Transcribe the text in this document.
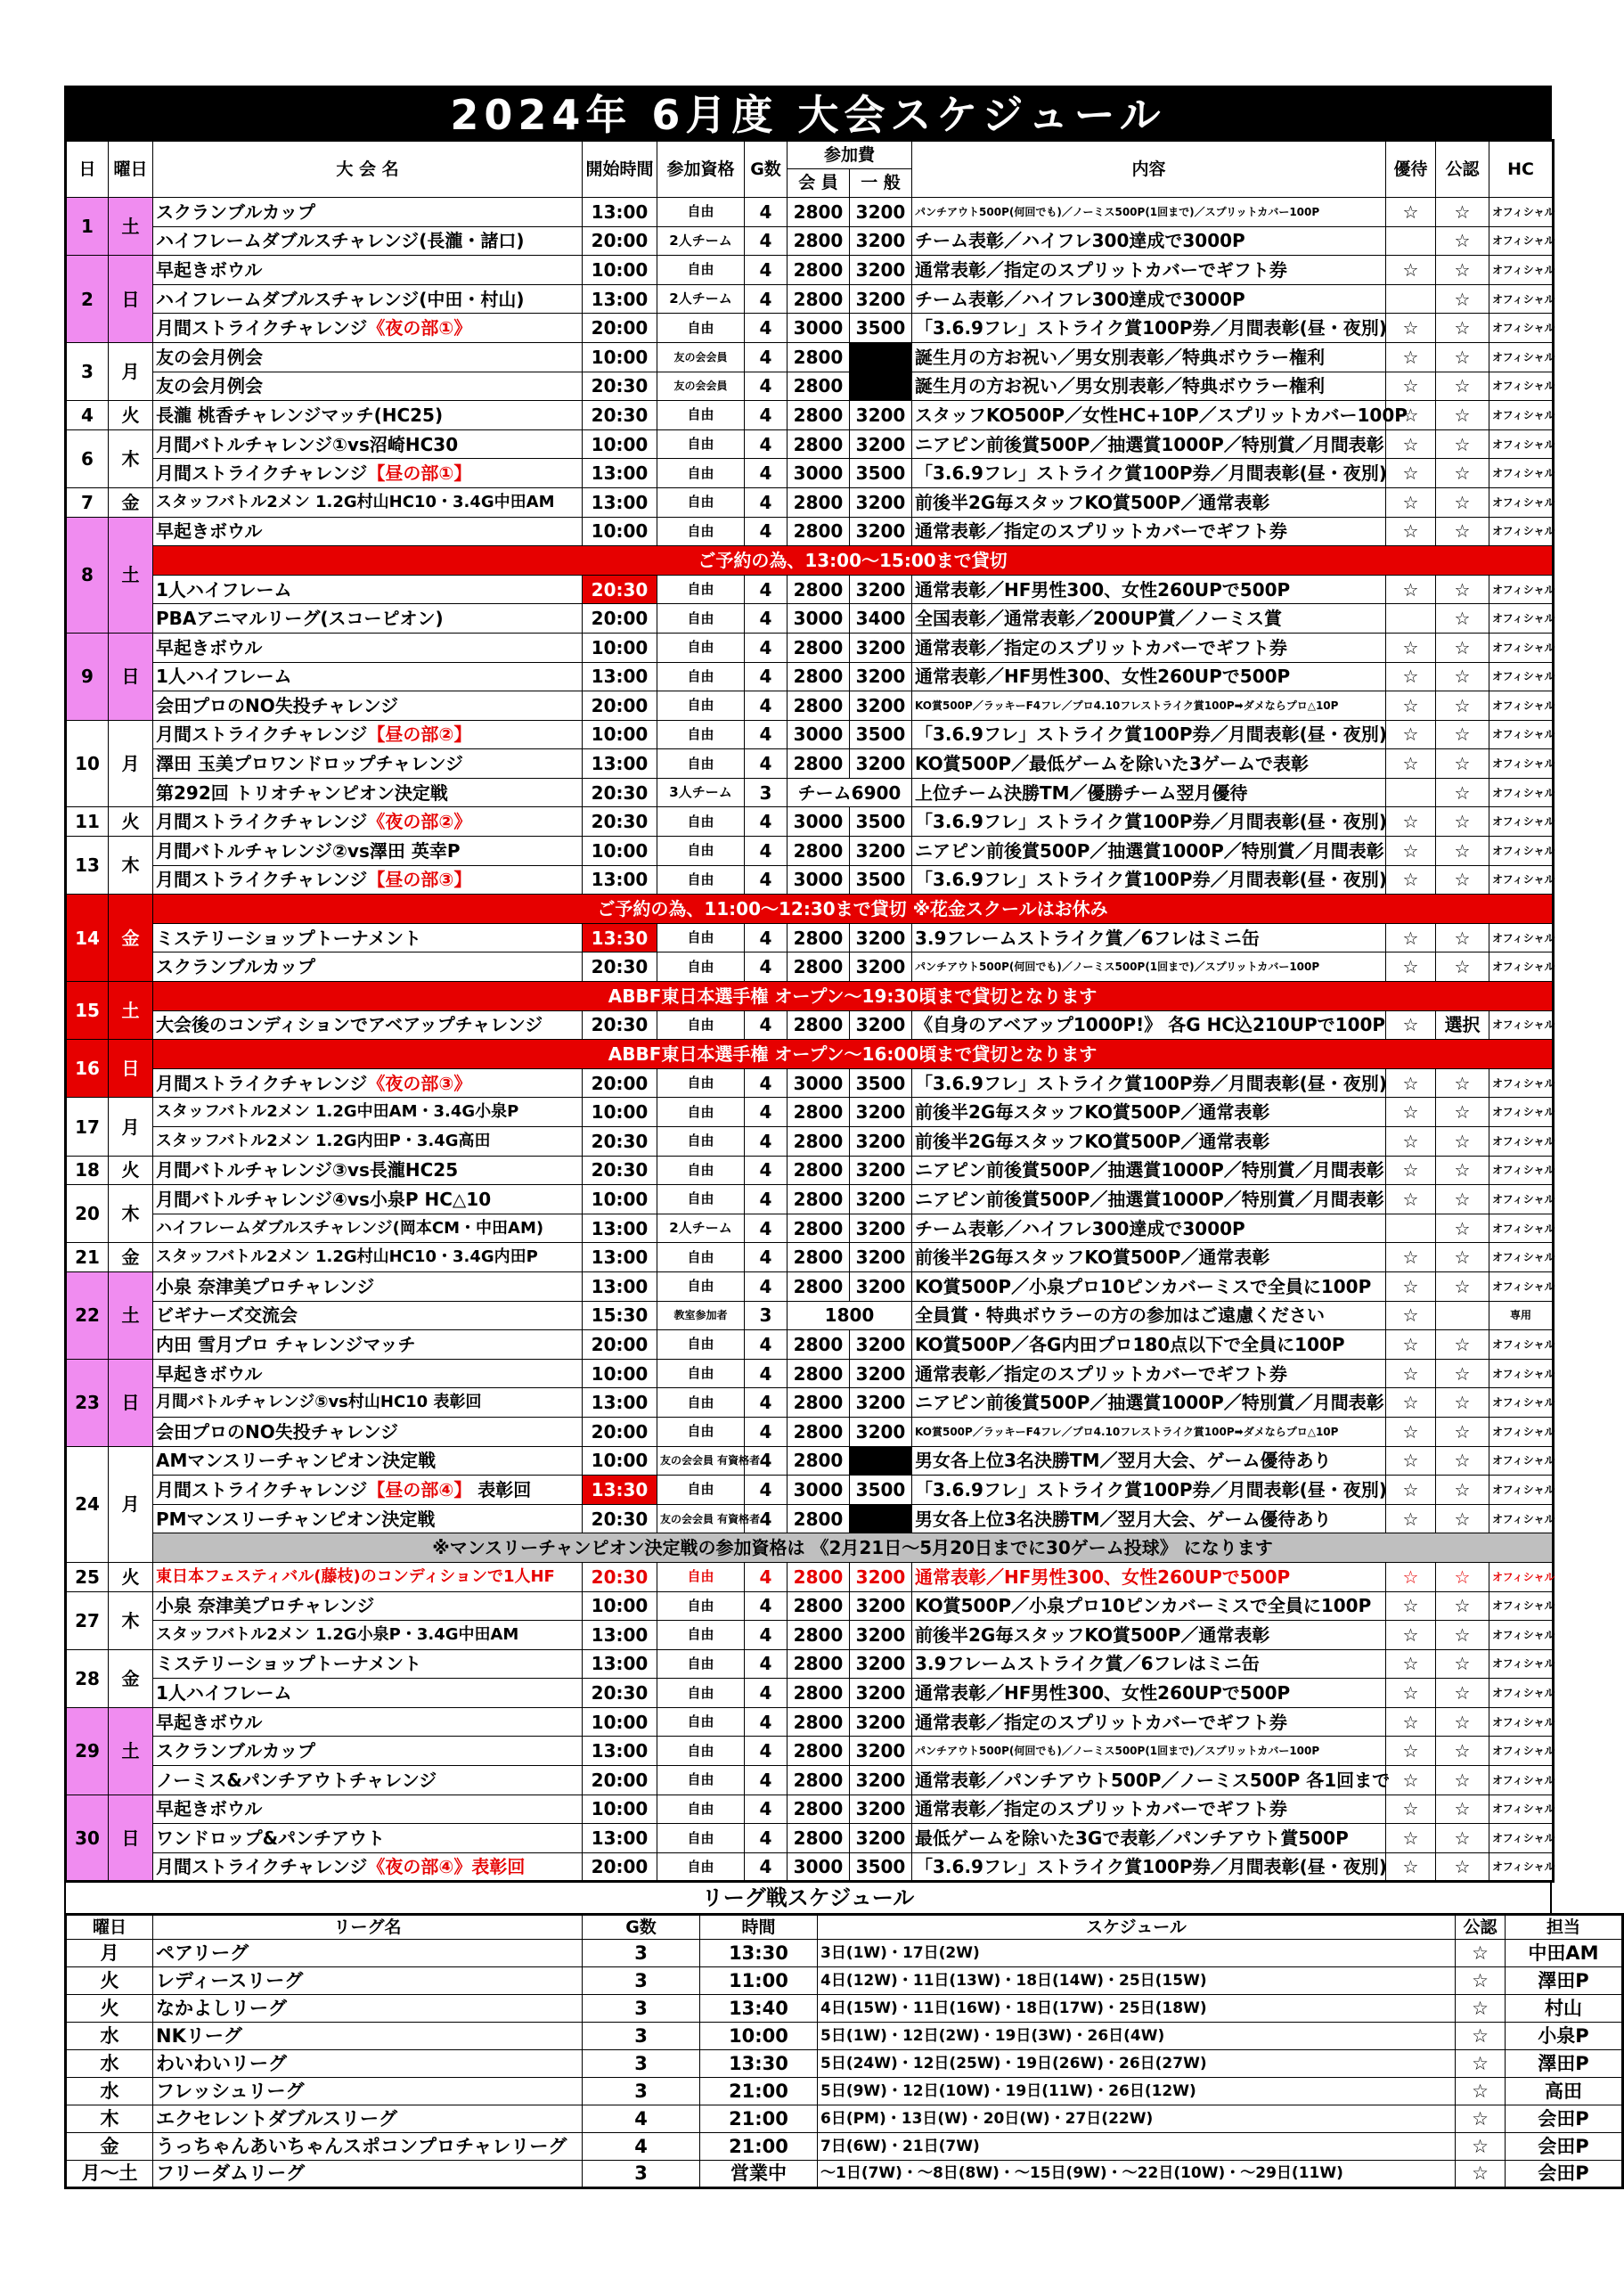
2024年 6月度 大会スケジュール
日	曜日	大 会 名	開始時間	参加資格	G数	参加費		内容	優待	公認	HC
						会 員	一 般				
1	土	スクランブルカップ	13:00	自由	4	2800	3200	パンチアウト500P(何回でも)／ノーミス500P(1回まで)／スプリットカバー100P	☆	☆	オフィシャル
		ハイフレームダブルスチャレンジ(長瀧・諸口)	20:00	2人チーム	4	2800	3200	チーム表彰／ハイフレ300達成で3000P		☆	オフィシャル
2	日	早起きボウル	10:00	自由	4	2800	3200	通常表彰／指定のスプリットカバーでギフト券	☆	☆	オフィシャル
		ハイフレームダブルスチャレンジ(中田・村山)	13:00	2人チーム	4	2800	3200	チーム表彰／ハイフレ300達成で3000P		☆	オフィシャル
		月間ストライクチャレンジ《夜の部①》	20:00	自由	4	3000	3500	「3.6.9フレ」ストライク賞100P券／月間表彰(昼・夜別)	☆	☆	オフィシャル
3	月	友の会月例会	10:00	友の会会員	4	2800		誕生月の方お祝い／男女別表彰／特典ボウラー権利	☆	☆	オフィシャル
		友の会月例会	20:30	友の会会員	4	2800		誕生月の方お祝い／男女別表彰／特典ボウラー権利	☆	☆	オフィシャル
4	火	長瀧 桃香チャレンジマッチ(HC25)	20:30	自由	4	2800	3200	スタッフKO500P／女性HC+10P／スプリットカバー100P	☆	☆	オフィシャル
6	木	月間バトルチャレンジ①vs沼崎HC30	10:00	自由	4	2800	3200	ニアピン前後賞500P／抽選賞1000P／特別賞／月間表彰	☆	☆	オフィシャル
		月間ストライクチャレンジ【昼の部①】	13:00	自由	4	3000	3500	「3.6.9フレ」ストライク賞100P券／月間表彰(昼・夜別)	☆	☆	オフィシャル
7	金	スタッフバトル2メン 1.2G村山HC10・3.4G中田AM	13:00	自由	4	2800	3200	前後半2G毎スタッフKO賞500P／通常表彰	☆	☆	オフィシャル
8	土	早起きボウル	10:00	自由	4	2800	3200	通常表彰／指定のスプリットカバーでギフト券	☆	☆	オフィシャル
		ご予約の為、13:00～15:00まで貸切									
		1人ハイフレーム	20:30	自由	4	2800	3200	通常表彰／HF男性300、女性260UPで500P	☆	☆	オフィシャル
		PBAアニマルリーグ(スコーピオン)	20:00	自由	4	3000	3400	全国表彰／通常表彰／200UP賞／ノーミス賞		☆	オフィシャル
9	日	早起きボウル	10:00	自由	4	2800	3200	通常表彰／指定のスプリットカバーでギフト券	☆	☆	オフィシャル
		1人ハイフレーム	13:00	自由	4	2800	3200	通常表彰／HF男性300、女性260UPで500P	☆	☆	オフィシャル
		会田プロのNO失投チャレンジ	20:00	自由	4	2800	3200	KO賞500P／ラッキーF4フレ／プロ4.10フレストライク賞100P➡ダメならプロ△10P	☆	☆	オフィシャル
10	月	月間ストライクチャレンジ【昼の部②】	10:00	自由	4	3000	3500	「3.6.9フレ」ストライク賞100P券／月間表彰(昼・夜別)	☆	☆	オフィシャル
		澤田 玉美プロワンドロップチャレンジ	13:00	自由	4	2800	3200	KO賞500P／最低ゲームを除いた3ゲームで表彰	☆	☆	オフィシャル
		第292回 トリオチャンピオン決定戦	20:30	3人チーム	3	チーム6900		上位チーム決勝TM／優勝チーム翌月優待		☆	オフィシャル
11	火	月間ストライクチャレンジ《夜の部②》	20:30	自由	4	3000	3500	「3.6.9フレ」ストライク賞100P券／月間表彰(昼・夜別)	☆	☆	オフィシャル
13	木	月間バトルチャレンジ②vs澤田 英幸P	10:00	自由	4	2800	3200	ニアピン前後賞500P／抽選賞1000P／特別賞／月間表彰	☆	☆	オフィシャル
		月間ストライクチャレンジ【昼の部③】	13:00	自由	4	3000	3500	「3.6.9フレ」ストライク賞100P券／月間表彰(昼・夜別)	☆	☆	オフィシャル
14	金	ご予約の為、11:00～12:30まで貸切 ※花金スクールはお休み									
		ミステリーショップトーナメント	13:30	自由	4	2800	3200	3.9フレームストライク賞／6フレはミニ缶	☆	☆	オフィシャル
		スクランブルカップ	20:30	自由	4	2800	3200	パンチアウト500P(何回でも)／ノーミス500P(1回まで)／スプリットカバー100P	☆	☆	オフィシャル
15	土	ABBF東日本選手権 オープン～19:30頃まで貸切となります									
		大会後のコンディションでアベアップチャレンジ	20:30	自由	4	2800	3200	《自身のアベアップ1000P!》 各G HC込210UPで100P	☆	選択	オフィシャル
16	日	ABBF東日本選手権 オープン～16:00頃まで貸切となります									
		月間ストライクチャレンジ《夜の部③》	20:00	自由	4	3000	3500	「3.6.9フレ」ストライク賞100P券／月間表彰(昼・夜別)	☆	☆	オフィシャル
17	月	スタッフバトル2メン 1.2G中田AM・3.4G小泉P	10:00	自由	4	2800	3200	前後半2G毎スタッフKO賞500P／通常表彰	☆	☆	オフィシャル
		スタッフバトル2メン 1.2G内田P・3.4G高田	20:30	自由	4	2800	3200	前後半2G毎スタッフKO賞500P／通常表彰	☆	☆	オフィシャル
18	火	月間バトルチャレンジ③vs長瀧HC25	20:30	自由	4	2800	3200	ニアピン前後賞500P／抽選賞1000P／特別賞／月間表彰	☆	☆	オフィシャル
20	木	月間バトルチャレンジ④vs小泉P HC△10	10:00	自由	4	2800	3200	ニアピン前後賞500P／抽選賞1000P／特別賞／月間表彰	☆	☆	オフィシャル
		ハイフレームダブルスチャレンジ(岡本CM・中田AM)	13:00	2人チーム	4	2800	3200	チーム表彰／ハイフレ300達成で3000P		☆	オフィシャル
21	金	スタッフバトル2メン 1.2G村山HC10・3.4G内田P	13:00	自由	4	2800	3200	前後半2G毎スタッフKO賞500P／通常表彰	☆	☆	オフィシャル
22	土	小泉 奈津美プロチャレンジ	13:00	自由	4	2800	3200	KO賞500P／小泉プロ10ピンカバーミスで全員に100P	☆	☆	オフィシャル
		ビギナーズ交流会	15:30	教室参加者	3	1800		全員賞・特典ボウラーの方の参加はご遠慮ください	☆		専用
		内田 雪月プロ チャレンジマッチ	20:00	自由	4	2800	3200	KO賞500P／各G内田プロ180点以下で全員に100P	☆	☆	オフィシャル
23	日	早起きボウル	10:00	自由	4	2800	3200	通常表彰／指定のスプリットカバーでギフト券	☆	☆	オフィシャル
		月間バトルチャレンジ⑤vs村山HC10 表彰回	13:00	自由	4	2800	3200	ニアピン前後賞500P／抽選賞1000P／特別賞／月間表彰	☆	☆	オフィシャル
		会田プロのNO失投チャレンジ	20:00	自由	4	2800	3200	KO賞500P／ラッキーF4フレ／プロ4.10フレストライク賞100P➡ダメならプロ△10P	☆	☆	オフィシャル
24	月	AMマンスリーチャンピオン決定戦	10:00	友の会会員 有資格者	4	2800		男女各上位3名決勝TM／翌月大会、ゲーム優待あり	☆	☆	オフィシャル
		月間ストライクチャレンジ【昼の部④】 表彰回	13:30	自由	4	3000	3500	「3.6.9フレ」ストライク賞100P券／月間表彰(昼・夜別)	☆	☆	オフィシャル
		PMマンスリーチャンピオン決定戦	20:30	友の会会員 有資格者	4	2800		男女各上位3名決勝TM／翌月大会、ゲーム優待あり	☆	☆	オフィシャル
		※マンスリーチャンピオン決定戦の参加資格は 《2月21日～5月20日までに30ゲーム投球》 になります									
25	火	東日本フェスティバル(藤枝)のコンディションで1人HF	20:30	自由	4	2800	3200	通常表彰／HF男性300、女性260UPで500P	☆	☆	オフィシャル
27	木	小泉 奈津美プロチャレンジ	10:00	自由	4	2800	3200	KO賞500P／小泉プロ10ピンカバーミスで全員に100P	☆	☆	オフィシャル
		スタッフバトル2メン 1.2G小泉P・3.4G中田AM	13:00	自由	4	2800	3200	前後半2G毎スタッフKO賞500P／通常表彰	☆	☆	オフィシャル
28	金	ミステリーショップトーナメント	13:00	自由	4	2800	3200	3.9フレームストライク賞／6フレはミニ缶	☆	☆	オフィシャル
		1人ハイフレーム	20:30	自由	4	2800	3200	通常表彰／HF男性300、女性260UPで500P	☆	☆	オフィシャル
29	土	早起きボウル	10:00	自由	4	2800	3200	通常表彰／指定のスプリットカバーでギフト券	☆	☆	オフィシャル
		スクランブルカップ	13:00	自由	4	2800	3200	パンチアウト500P(何回でも)／ノーミス500P(1回まで)／スプリットカバー100P	☆	☆	オフィシャル
		ノーミス&パンチアウトチャレンジ	20:00	自由	4	2800	3200	通常表彰／パンチアウト500P／ノーミス500P 各1回まで	☆	☆	オフィシャル
30	日	早起きボウル	10:00	自由	4	2800	3200	通常表彰／指定のスプリットカバーでギフト券	☆	☆	オフィシャル
		ワンドロップ&パンチアウト	13:00	自由	4	2800	3200	最低ゲームを除いた3Gで表彰／パンチアウト賞500P	☆	☆	オフィシャル
		月間ストライクチャレンジ《夜の部④》表彰回	20:00	自由	4	3000	3500	「3.6.9フレ」ストライク賞100P券／月間表彰(昼・夜別)	☆	☆	オフィシャル
リーグ戦スケジュール
曜日	リーグ名	G数	時間	スケジュール	公認	担当
月	ペアリーグ	3	13:30	3日(1W)・17日(2W)	☆	中田AM
火	レディースリーグ	3	11:00	4日(12W)・11日(13W)・18日(14W)・25日(15W)	☆	澤田P
火	なかよしリーグ	3	13:40	4日(15W)・11日(16W)・18日(17W)・25日(18W)	☆	村山
水	NKリーグ	3	10:00	5日(1W)・12日(2W)・19日(3W)・26日(4W)	☆	小泉P
水	わいわいリーグ	3	13:30	5日(24W)・12日(25W)・19日(26W)・26日(27W)	☆	澤田P
水	フレッシュリーグ	3	21:00	5日(9W)・12日(10W)・19日(11W)・26日(12W)	☆	高田
木	エクセレントダブルスリーグ	4	21:00	6日(PM)・13日(W)・20日(W)・27日(22W)	☆	会田P
金	うっちゃんあいちゃんスポコンプロチャレリーグ	4	21:00	7日(6W)・21日(7W)	☆	会田P
月～土	フリーダムリーグ	3	営業中	～1日(7W)・～8日(8W)・～15日(9W)・～22日(10W)・～29日(11W)	☆	会田P
